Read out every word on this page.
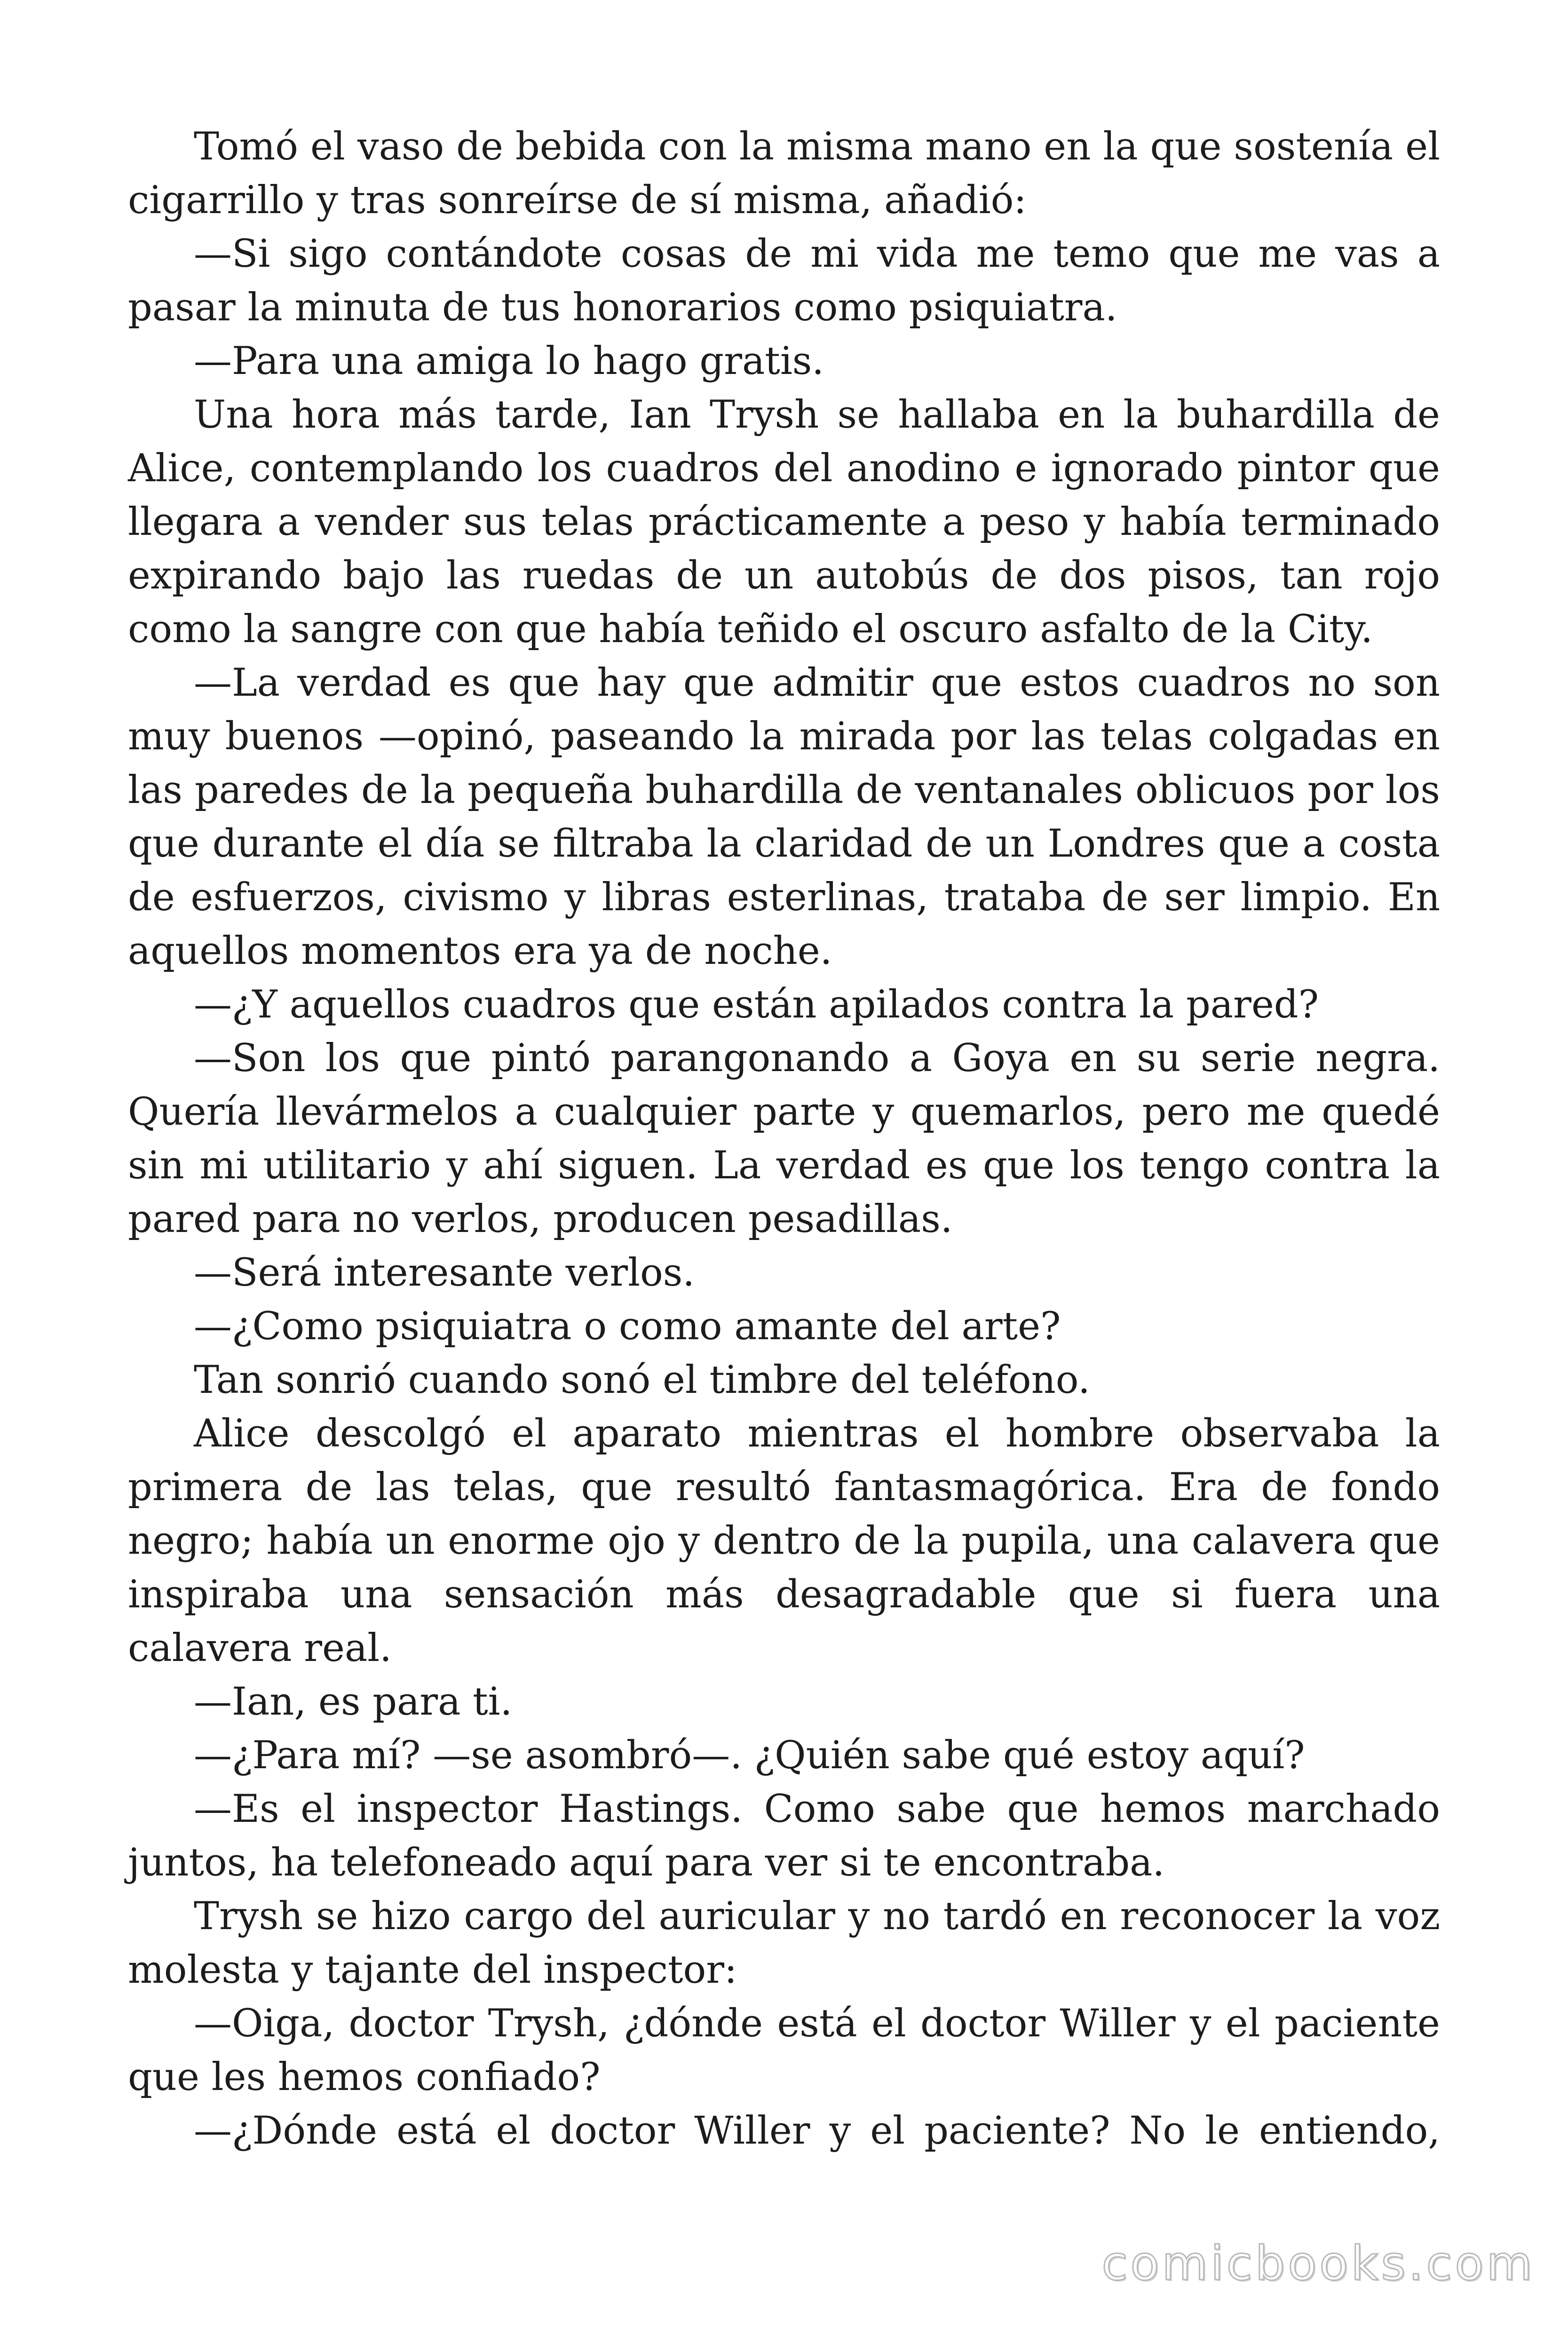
Tomó el vaso de bebida con la misma mano en la que sostenía el cigarrillo y tras sonreírse de sí misma, añadió:

—Si sigo contándote cosas de mi vida me temo que me vas a pasar la minuta de tus honorarios como psiquiatra.

—Para una amiga lo hago gratis.

Una hora más tarde, Ian Trysh se hallaba en la buhardilla de Alice, contemplando los cuadros del anodino e ignorado pintor que llegara a vender sus telas prácticamente a peso y había terminado expirando bajo las ruedas de un autobús de dos pisos, tan rojo como la sangre con que había teñido el oscuro asfalto de la City.

—La verdad es que hay que admitir que estos cuadros no son muy buenos —opinó, paseando la mirada por las telas colgadas en las paredes de la pequeña buhardilla de ventanales oblicuos por los que durante el día se filtraba la claridad de un Londres que a costa de esfuerzos, civismo y libras esterlinas, trataba de ser limpio. En aquellos momentos era ya de noche.

—¿Y aquellos cuadros que están apilados contra la pared?

—Son los que pintó parangonando a Goya en su serie negra. Quería llevármelos a cualquier parte y quemarlos, pero me quedé sin mi utilitario y ahí siguen. La verdad es que los tengo contra la pared para no verlos, producen pesadillas.

—Será interesante verlos.

—¿Como psiquiatra o como amante del arte?

Tan sonrió cuando sonó el timbre del teléfono.

Alice descolgó el aparato mientras el hombre observaba la primera de las telas, que resultó fantasmagórica. Era de fondo negro; había un enorme ojo y dentro de la pupila, una calavera que inspiraba una sensación más desagradable que si fuera una calavera real.

—Ian, es para ti.

—¿Para mí? —se asombró—. ¿Quién sabe qué estoy aquí?

—Es el inspector Hastings. Como sabe que hemos marchado juntos, ha telefoneado aquí para ver si te encontraba.

Trysh se hizo cargo del auricular y no tardó en reconocer la voz molesta y tajante del inspector:

—Oiga, doctor Trysh, ¿dónde está el doctor Willer y el paciente que les hemos confiado?

—¿Dónde está el doctor Willer y el paciente? No le entiendo,

comicbooks.com
